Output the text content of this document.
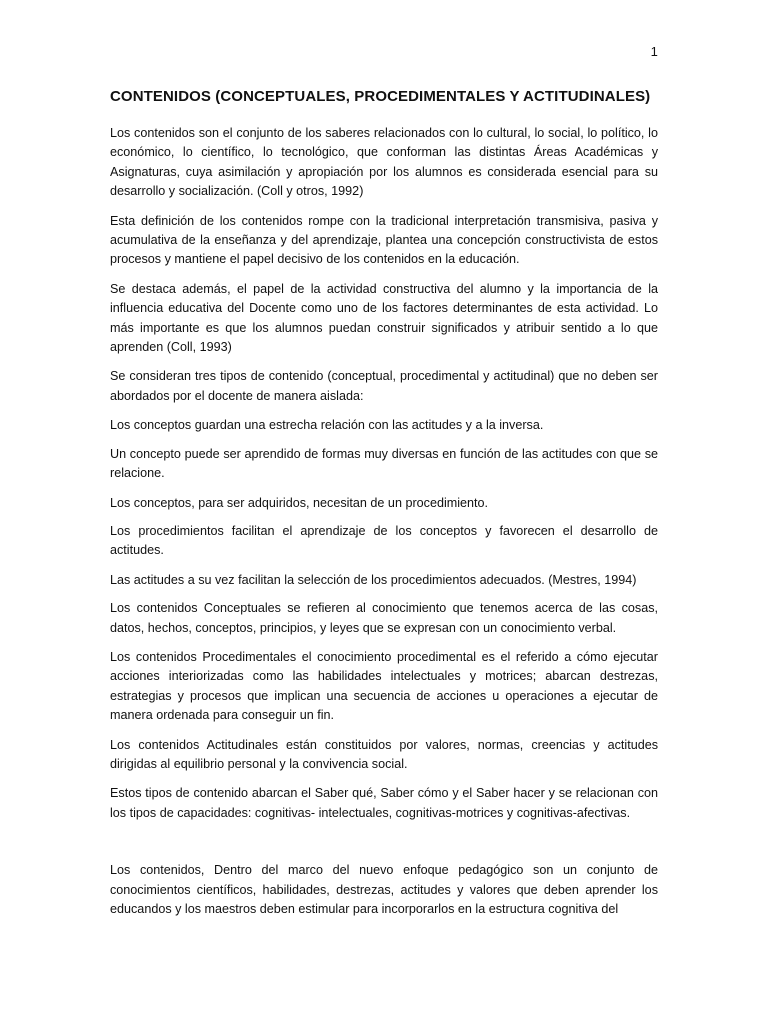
1
CONTENIDOS (CONCEPTUALES, PROCEDIMENTALES Y ACTITUDINALES)

Los contenidos son el conjunto de los saberes relacionados con lo cultural, lo social, lo político, lo económico, lo científico, lo tecnológico, que conforman las distintas Áreas Académicas y Asignaturas, cuya asimilación y apropiación por los alumnos es considerada esencial para su desarrollo y socialización. (Coll y otros, 1992)

Esta definición de los contenidos rompe con la tradicional interpretación transmisiva, pasiva y acumulativa de la enseñanza y del aprendizaje, plantea una concepción constructivista de estos procesos y mantiene el papel decisivo de los contenidos en la educación.

Se destaca además, el papel de la actividad constructiva del alumno y la importancia de la influencia educativa del Docente como uno de los factores determinantes de esta actividad. Lo más importante es que los alumnos puedan construir significados y atribuir sentido a lo que aprenden (Coll, 1993)

Se consideran tres tipos de contenido (conceptual, procedimental y actitudinal) que no deben ser abordados por el docente de manera aislada:

Los conceptos guardan una estrecha relación con las actitudes y a la inversa.

Un concepto puede ser aprendido de formas muy diversas en función de las actitudes con que se relacione.

Los conceptos, para ser adquiridos, necesitan de un procedimiento.

Los procedimientos facilitan el aprendizaje de los conceptos y favorecen el desarrollo de actitudes.

Las actitudes a su vez facilitan la selección de los procedimientos adecuados. (Mestres, 1994)

Los contenidos Conceptuales se refieren al conocimiento que tenemos acerca de las cosas, datos, hechos, conceptos, principios, y leyes que se expresan con un conocimiento verbal.

Los contenidos Procedimentales el conocimiento procedimental es el referido a cómo ejecutar acciones interiorizadas como las habilidades intelectuales y motrices; abarcan destrezas, estrategias y procesos que implican una secuencia de acciones u operaciones a ejecutar de manera ordenada para conseguir un fin.

Los contenidos Actitudinales están constituidos por valores, normas, creencias y actitudes dirigidas al equilibrio personal y la convivencia social.

Estos tipos de contenido abarcan el Saber qué, Saber cómo y el Saber hacer y se relacionan con los tipos de capacidades: cognitivas- intelectuales, cognitivas-motrices y cognitivas-afectivas.

Los contenidos, Dentro del marco del nuevo enfoque pedagógico son un conjunto de conocimientos científicos, habilidades, destrezas, actitudes y valores que deben aprender los educandos y los maestros deben estimular para incorporarlos en la estructura cognitiva del
